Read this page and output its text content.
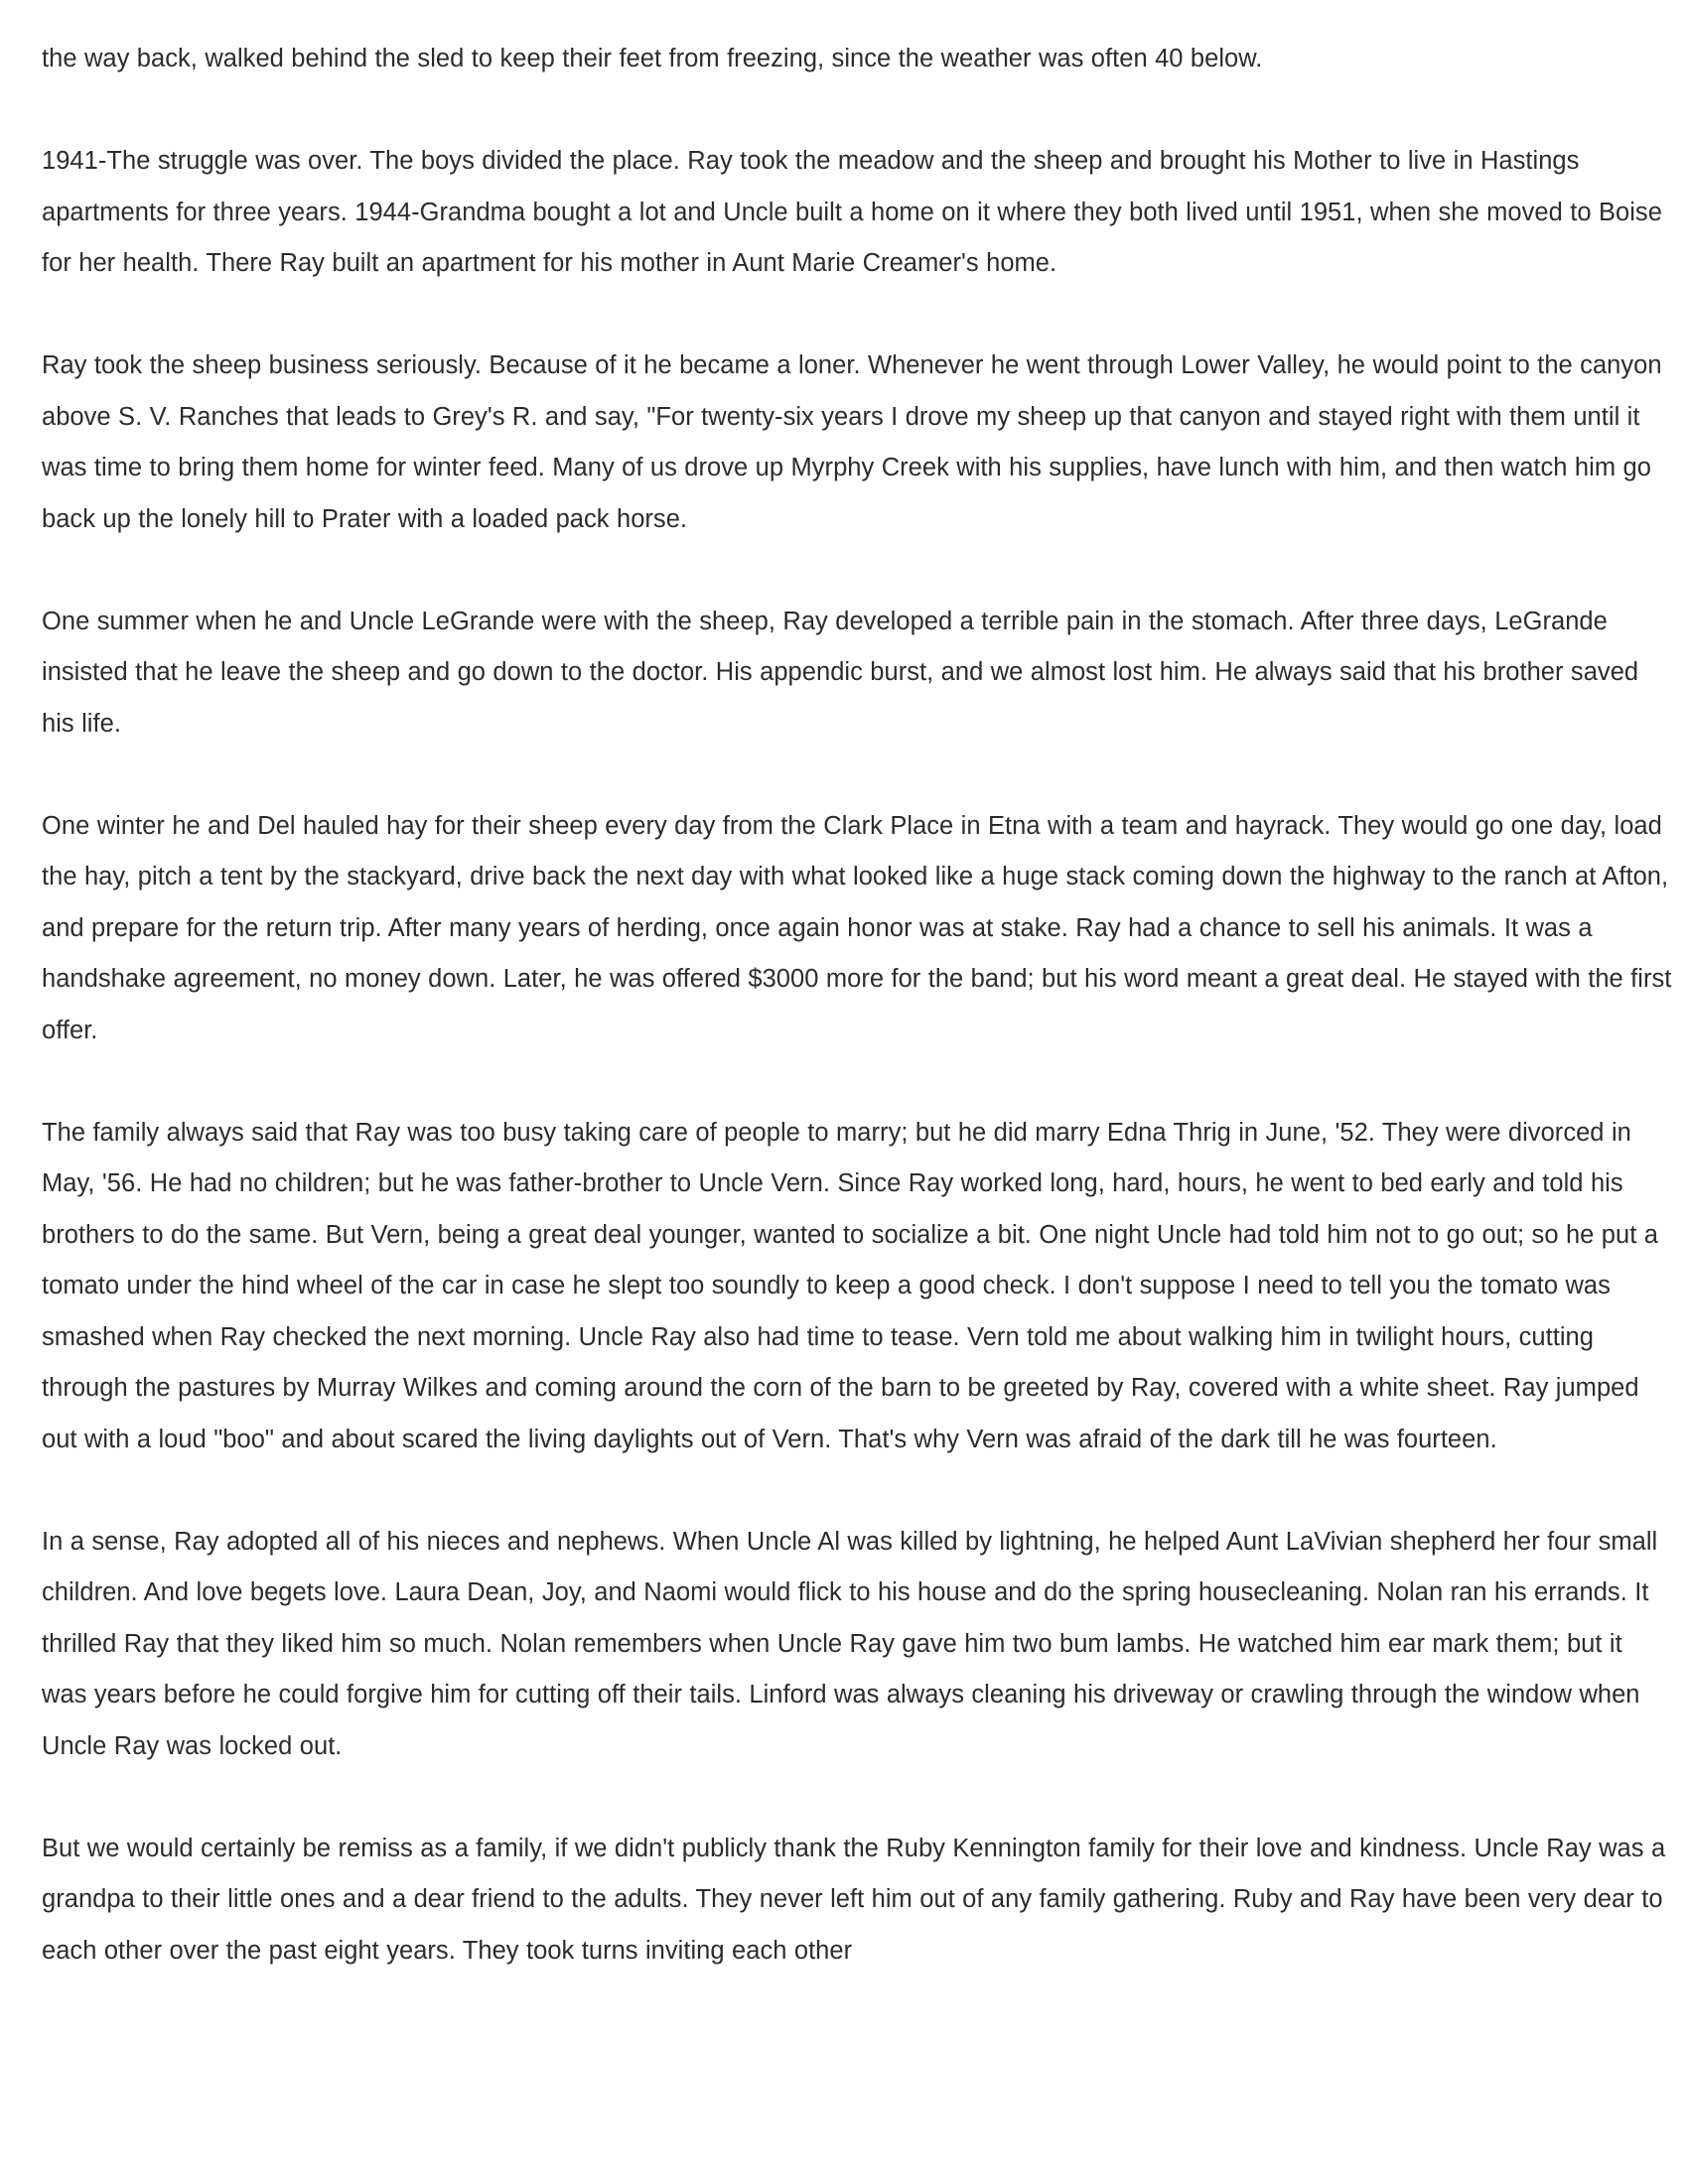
the way back, walked behind the sled to keep their feet from freezing, since the weather was often 40 below.

1941-The struggle was over. The boys divided the place. Ray took the meadow and the sheep and brought his Mother to live in Hastings apartments for three years. 1944-Grandma bought a lot and Uncle built a home on it where they both lived until 1951, when she moved to Boise for her health. There Ray built an apartment for his mother in Aunt Marie Creamer's home.

Ray took the sheep business seriously. Because of it he became a loner. Whenever he went through Lower Valley, he would point to the canyon above S. V. Ranches that leads to Grey's R. and say, "For twenty-six years I drove my sheep up that canyon and stayed right with them until it was time to bring them home for winter feed. Many of us drove up Myrphy Creek with his supplies, have lunch with him, and then watch him go back up the lonely hill to Prater with a loaded pack horse.

One summer when he and Uncle LeGrande were with the sheep, Ray developed a terrible pain in the stomach. After three days, LeGrande insisted that he leave the sheep and go down to the doctor. His appendic burst, and we almost lost him. He always said that his brother saved his life.

One winter he and Del hauled hay for their sheep every day from the Clark Place in Etna with a team and hayrack. They would go one day, load the hay, pitch a tent by the stackyard, drive back the next day with what looked like a huge stack coming down the highway to the ranch at Afton, and prepare for the return trip. After many years of herding, once again honor was at stake. Ray had a chance to sell his animals. It was a handshake agreement, no money down. Later, he was offered $3000 more for the band; but his word meant a great deal. He stayed with the first offer.

The family always said that Ray was too busy taking care of people to marry; but he did marry Edna Thrig in June, '52. They were divorced in May, '56. He had no children; but he was father-brother to Uncle Vern. Since Ray worked long, hard, hours, he went to bed early and told his brothers to do the same. But Vern, being a great deal younger, wanted to socialize a bit. One night Uncle had told him not to go out; so he put a tomato under the hind wheel of the car in case he slept too soundly to keep a good check. I don't suppose I need to tell you the tomato was smashed when Ray checked the next morning. Uncle Ray also had time to tease. Vern told me about walking him in twilight hours, cutting through the pastures by Murray Wilkes and coming around the corn of the barn to be greeted by Ray, covered with a white sheet. Ray jumped out with a loud "boo" and about scared the living daylights out of Vern. That's why Vern was afraid of the dark till he was fourteen.

In a sense, Ray adopted all of his nieces and nephews. When Uncle Al was killed by lightning, he helped Aunt LaVivian shepherd her four small children. And love begets love. Laura Dean, Joy, and Naomi would flick to his house and do the spring housecleaning. Nolan ran his errands. It thrilled Ray that they liked him so much. Nolan remembers when Uncle Ray gave him two bum lambs. He watched him ear mark them; but it was years before he could forgive him for cutting off their tails. Linford was always cleaning his driveway or crawling through the window when Uncle Ray was locked out.

But we would certainly be remiss as a family, if we didn't publicly thank the Ruby Kennington family for their love and kindness. Uncle Ray was a grandpa to their little ones and a dear friend to the adults. They never left him out of any family gathering. Ruby and Ray have been very dear to each other over the past eight years. They took turns inviting each other
